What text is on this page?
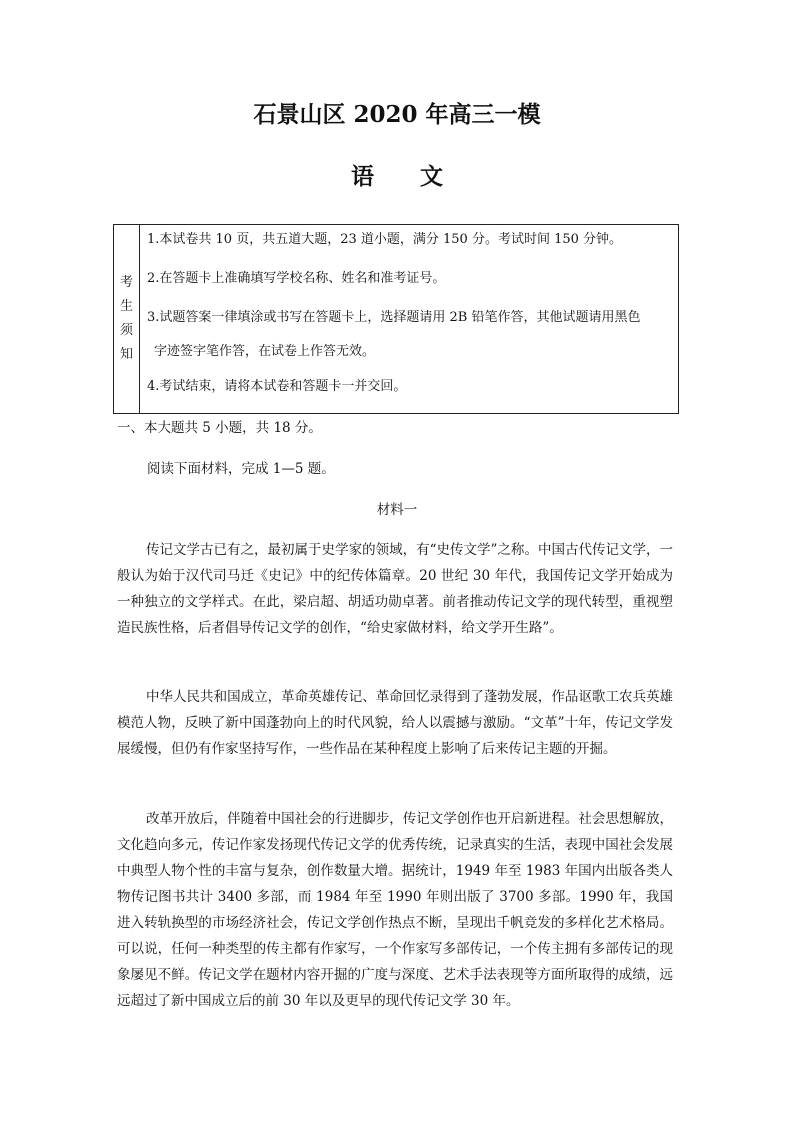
石景山区 2020 年高三一模
语文
考
生
须
知
1.本试卷共 10 页，共五道大题，23 道小题，满分 150 分。考试时间 150 分钟。
2.在答题卡上准确填写学校名称、姓名和准考证号。
3.试题答案一律填涂或书写在答题卡上，选择题请用 2B 铅笔作答，其他试题请用黑色
字迹签字笔作答，在试卷上作答无效。
4.考试结束，请将本试卷和答题卡一并交回。
一、本大题共 5 小题，共 18 分。
阅读下面材料，完成 1—5 题。
材料一
传记文学古已有之，最初属于史学家的领域，有“史传文学”之称。中国古代传记文学，一般认为始于汉代司马迁《史记》中的纪传体篇章。20 世纪 30 年代，我国传记文学开始成为一种独立的文学样式。在此，梁启超、胡适功勋卓著。前者推动传记文学的现代转型，重视塑造民族性格，后者倡导传记文学的创作，“给史家做材料，给文学开生路”。
中华人民共和国成立，革命英雄传记、革命回忆录得到了蓬勃发展，作品讴歌工农兵英雄模范人物，反映了新中国蓬勃向上的时代风貌，给人以震撼与激励。“文革”十年，传记文学发展缓慢，但仍有作家坚持写作，一些作品在某种程度上影响了后来传记主题的开掘。
改革开放后，伴随着中国社会的行进脚步，传记文学创作也开启新进程。社会思想解放，文化趋向多元，传记作家发扬现代传记文学的优秀传统，记录真实的生活，表现中国社会发展中典型人物个性的丰富与复杂，创作数量大增。据统计，1949 年至 1983 年国内出版各类人物传记图书共计 3400 多部，而 1984 年至 1990 年则出版了 3700 多部。1990 年，我国进入转轨换型的市场经济社会，传记文学创作热点不断，呈现出千帆竞发的多样化艺术格局。可以说，任何一种类型的传主都有作家写，一个作家写多部传记，一个传主拥有多部传记的现象屡见不鲜。传记文学在题材内容开掘的广度与深度、艺术手法表现等方面所取得的成绩，远远超过了新中国成立后的前 30 年以及更早的现代传记文学 30 年。
